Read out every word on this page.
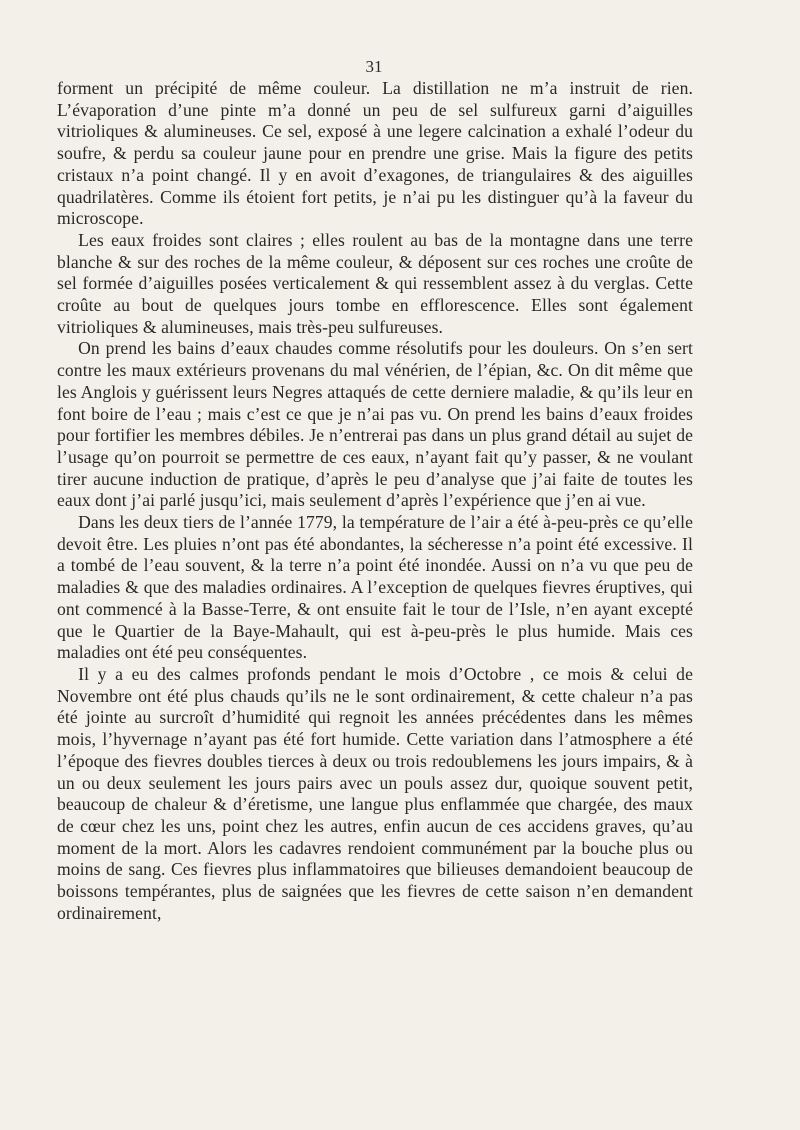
31

forment un précipité de même couleur. La distillation ne m’a instruit de rien. L’évaporation d’une pinte m’a donné un peu de sel sulfureux garni d’aiguilles vitrioliques & alumineuses. Ce sel, exposé à une legere calcination a exhalé l’odeur du soufre, & perdu sa couleur jaune pour en prendre une grise. Mais la figure des petits cristaux n’a point changé. Il y en avoit d’exagones, de triangulaires & des aiguilles quadrilatères. Comme ils étoient fort petits, je n’ai pu les distinguer qu’à la faveur du microscope.

Les eaux froides sont claires ; elles roulent au bas de la montagne dans une terre blanche & sur des roches de la même couleur, & déposent sur ces roches une croûte de sel formée d’aiguilles posées verticalement & qui ressemblent assez à du verglas. Cette croûte au bout de quelques jours tombe en efflorescence. Elles sont également vitrioliques & alumineuses, mais très-peu sulfureuses.

On prend les bains d’eaux chaudes comme résolutifs pour les douleurs. On s’en sert contre les maux extérieurs provenans du mal vénérien, de l’épian, &c. On dit même que les Anglois y guérissent leurs Negres attaqués de cette derniere maladie, & qu’ils leur en font boire de l’eau ; mais c’est ce que je n’ai pas vu. On prend les bains d’eaux froides pour fortifier les membres débiles. Je n’entrerai pas dans un plus grand détail au sujet de l’usage qu’on pourroit se permettre de ces eaux, n’ayant fait qu’y passer, & ne voulant tirer aucune induction de pratique, d’après le peu d’analyse que j’ai faite de toutes les eaux dont j’ai parlé jusqu’ici, mais seulement d’après l’expérience que j’en ai vue.

Dans les deux tiers de l’année 1779, la température de l’air a été à-peu-près ce qu’elle devoit être. Les pluies n’ont pas été abondantes, la sécheresse n’a point été excessive. Il a tombé de l’eau souvent, & la terre n’a point été inondée. Aussi on n’a vu que peu de maladies & que des maladies ordinaires. A l’exception de quelques fievres éruptives, qui ont commencé à la Basse-Terre, & ont ensuite fait le tour de l’Isle, n’en ayant excepté que le Quartier de la Baye-Mahault, qui est à-peu-près le plus humide. Mais ces maladies ont été peu conséquentes.

Il y a eu des calmes profonds pendant le mois d’Octobre , ce mois & celui de Novembre ont été plus chauds qu’ils ne le sont ordinairement, & cette chaleur n’a pas été jointe au surcroît d’humidité qui regnoit les années précédentes dans les mêmes mois, l’hyvernage n’ayant pas été fort humide. Cette variation dans l’atmosphere a été l’époque des fievres doubles tierces à deux ou trois redoublemens les jours impairs, & à un ou deux seulement les jours pairs avec un pouls assez dur, quoique souvent petit, beaucoup de chaleur & d’éretisme, une langue plus enflammée que chargée, des maux de cœur chez les uns, point chez les autres, enfin aucun de ces accidens graves, qu’au moment de la mort. Alors les cadavres rendoient communément par la bouche plus ou moins de sang. Ces fievres plus inflammatoires que bilieuses demandoient beaucoup de boissons tempérantes, plus de saignées que les fievres de cette saison n’en demandent ordinairement,
